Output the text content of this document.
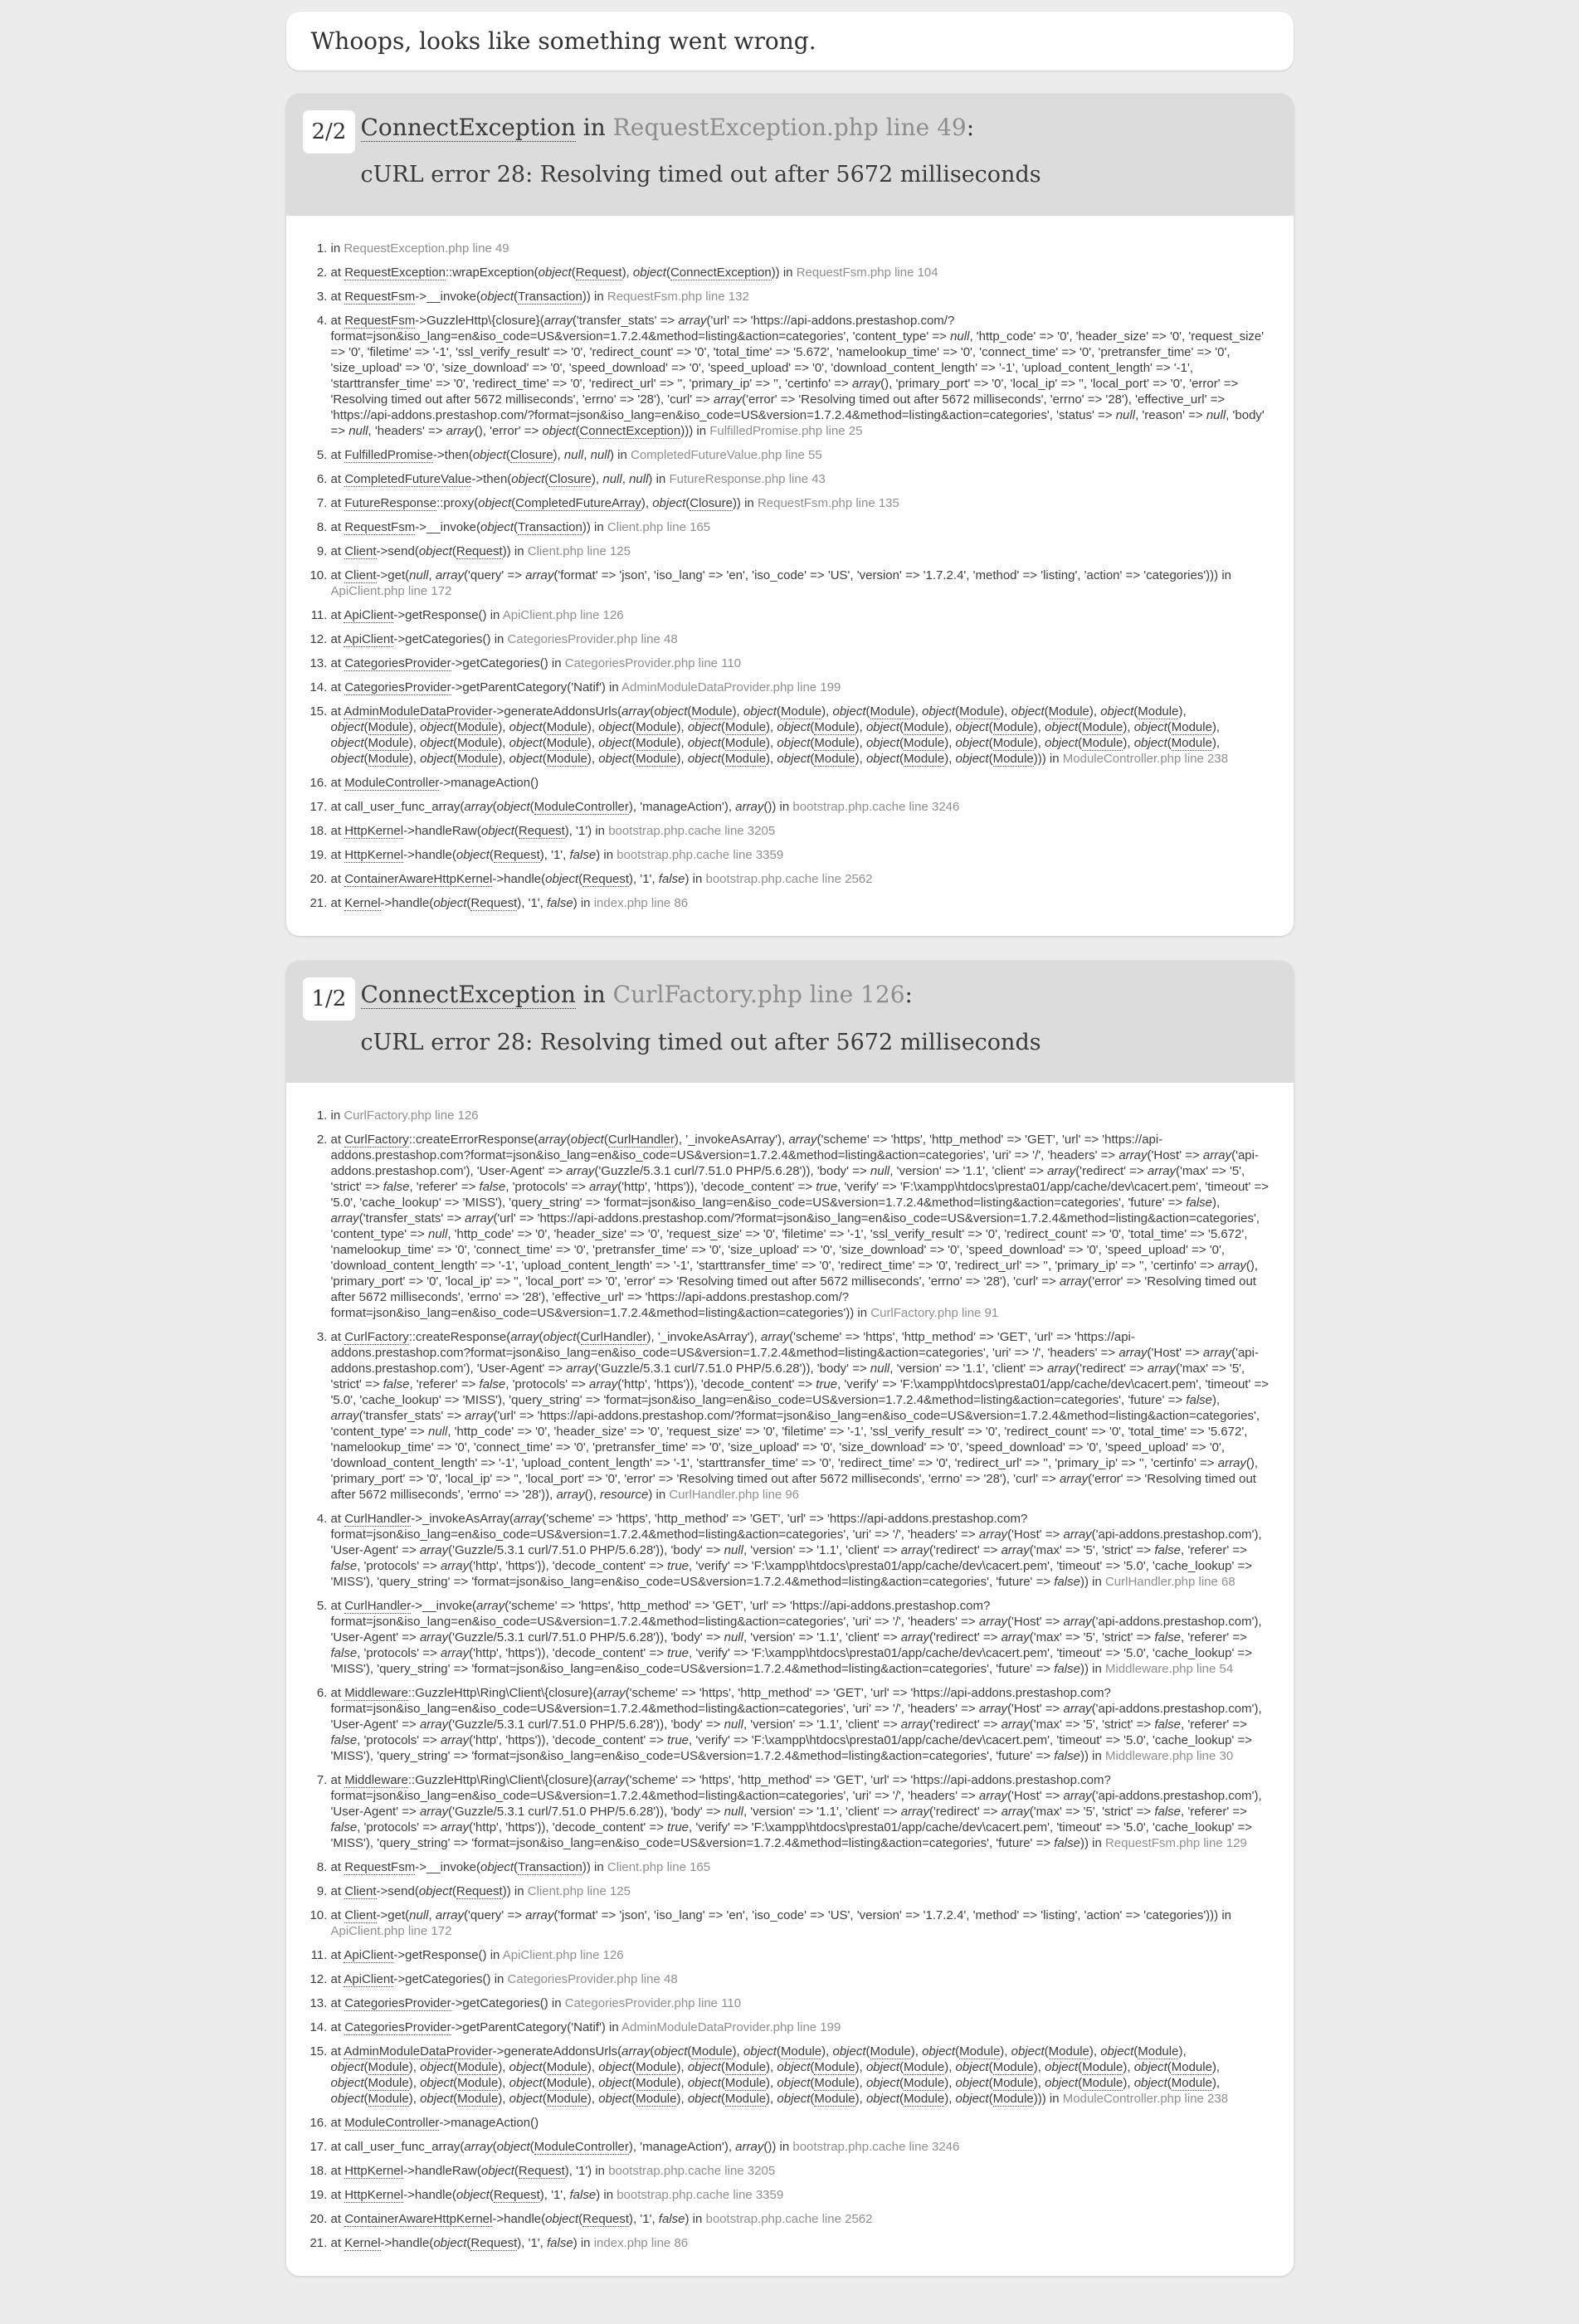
Whoops, looks like something went wrong.
2/2 ConnectException in RequestException.php line 49:
cURL error 28: Resolving timed out after 5672 milliseconds
1. in RequestException.php line 49
2. at RequestException::wrapException(object(Request), object(ConnectException)) in RequestFsm.php line 104
3. at RequestFsm->__invoke(object(Transaction)) in RequestFsm.php line 132
4. at RequestFsm->GuzzleHttp\{closure}(array('transfer_stats' => array('url' => 'https://api-addons.prestashop.com/?format=json&iso_lang=en&iso_code=US&version=1.7.2.4&method=listing&action=categories', 'content_type' => null, 'http_code' => '0', 'header_size' => '0', 'request_size' => '0', 'filetime' => '-1', 'ssl_verify_result' => '0', 'redirect_count' => '0', 'total_time' => '5.672', 'namelookup_time' => '0', 'connect_time' => '0', 'pretransfer_time' => '0', 'size_upload' => '0', 'size_download' => '0', 'speed_download' => '0', 'speed_upload' => '0', 'download_content_length' => '-1', 'upload_content_length' => '-1', 'starttransfer_time' => '0', 'redirect_time' => '0', 'redirect_url' => '', 'primary_ip' => '', 'certinfo' => array(), 'primary_port' => '0', 'local_ip' => '', 'local_port' => '0', 'error' => 'Resolving timed out after 5672 milliseconds', 'errno' => '28'), 'curl' => array('error' => 'Resolving timed out after 5672 milliseconds', 'errno' => '28'), 'effective_url' => 'https://api-addons.prestashop.com/?format=json&iso_lang=en&iso_code=US&version=1.7.2.4&method=listing&action=categories', 'status' => null, 'reason' => null, 'body' => null, 'headers' => array(), 'error' => object(ConnectException))) in FulfilledPromise.php line 25
5. at FulfilledPromise->then(object(Closure), null, null) in CompletedFutureValue.php line 55
6. at CompletedFutureValue->then(object(Closure), null, null) in FutureResponse.php line 43
7. at FutureResponse::proxy(object(CompletedFutureArray), object(Closure)) in RequestFsm.php line 135
8. at RequestFsm->__invoke(object(Transaction)) in Client.php line 165
9. at Client->send(object(Request)) in Client.php line 125
10. at Client->get(null, array('query' => array('format' => 'json', 'iso_lang' => 'en', 'iso_code' => 'US', 'version' => '1.7.2.4', 'method' => 'listing', 'action' => 'categories'))) in ApiClient.php line 172
11. at ApiClient->getResponse() in ApiClient.php line 126
12. at ApiClient->getCategories() in CategoriesProvider.php line 48
13. at CategoriesProvider->getCategories() in CategoriesProvider.php line 110
14. at CategoriesProvider->getParentCategory('Natif') in AdminModuleDataProvider.php line 199
15. at AdminModuleDataProvider->generateAddonsUrls(array(object(Module), object(Module), object(Module), object(Module), object(Module), object(Module), object(Module), object(Module), object(Module), object(Module), object(Module), object(Module), object(Module), object(Module), object(Module), object(Module), object(Module), object(Module), object(Module), object(Module), object(Module), object(Module), object(Module), object(Module), object(Module), object(Module), object(Module), object(Module), object(Module), object(Module), object(Module), object(Module), object(Module), object(Module))) in ModuleController.php line 238
16. at ModuleController->manageAction()
17. at call_user_func_array(array(object(ModuleController), 'manageAction'), array()) in bootstrap.php.cache line 3246
18. at HttpKernel->handleRaw(object(Request), '1') in bootstrap.php.cache line 3205
19. at HttpKernel->handle(object(Request), '1', false) in bootstrap.php.cache line 3359
20. at ContainerAwareHttpKernel->handle(object(Request), '1', false) in bootstrap.php.cache line 2562
21. at Kernel->handle(object(Request), '1', false) in index.php line 86
1/2 ConnectException in CurlFactory.php line 126:
cURL error 28: Resolving timed out after 5672 milliseconds
1. in CurlFactory.php line 126
2. at CurlFactory::createErrorResponse(array(object(CurlHandler), '_invokeAsArray'), array('scheme' => 'https', 'http_method' => 'GET', 'url' => 'https://api-addons.prestashop.com?format=json&iso_lang=en&iso_code=US&version=1.7.2.4&method=listing&action=categories', 'uri' => '/', 'headers' => array('Host' => array('api-addons.prestashop.com'), 'User-Agent' => array('Guzzle/5.3.1 curl/7.51.0 PHP/5.6.28')), 'body' => null, 'version' => '1.1', 'client' => array('redirect' => array('max' => '5', 'strict' => false, 'referer' => false, 'protocols' => array('http', 'https')), 'decode_content' => true, 'verify' => 'F:\xampp\htdocs\presta01/app/cache/dev\cacert.pem', 'timeout' => '5.0', 'cache_lookup' => 'MISS'), 'query_string' => 'format=json&iso_lang=en&iso_code=US&version=1.7.2.4&method=listing&action=categories', 'future' => false), array('transfer_stats' => array('url' => 'https://api-addons.prestashop.com/?format=json&iso_lang=en&iso_code=US&version=1.7.2.4&method=listing&action=categories', 'content_type' => null, 'http_code' => '0', 'header_size' => '0', 'request_size' => '0', 'filetime' => '-1', 'ssl_verify_result' => '0', 'redirect_count' => '0', 'total_time' => '5.672', 'namelookup_time' => '0', 'connect_time' => '0', 'pretransfer_time' => '0', 'size_upload' => '0', 'size_download' => '0', 'speed_download' => '0', 'speed_upload' => '0', 'download_content_length' => '-1', 'upload_content_length' => '-1', 'starttransfer_time' => '0', 'redirect_time' => '0', 'redirect_url' => '', 'primary_ip' => '', 'certinfo' => array(), 'primary_port' => '0', 'local_ip' => '', 'local_port' => '0', 'error' => 'Resolving timed out after 5672 milliseconds', 'errno' => '28'), 'curl' => array('error' => 'Resolving timed out after 5672 milliseconds', 'errno' => '28'), 'effective_url' => 'https://api-addons.prestashop.com/?format=json&iso_lang=en&iso_code=US&version=1.7.2.4&method=listing&action=categories')) in CurlFactory.php line 91
3. at CurlFactory::createResponse(array(object(CurlHandler), '_invokeAsArray'), array('scheme' => 'https', 'http_method' => 'GET', 'url' => 'https://api-addons.prestashop.com?format=json&iso_lang=en&iso_code=US&version=1.7.2.4&method=listing&action=categories', 'uri' => '/', 'headers' => array('Host' => array('api-addons.prestashop.com'), 'User-Agent' => array('Guzzle/5.3.1 curl/7.51.0 PHP/5.6.28')), 'body' => null, 'version' => '1.1', 'client' => array('redirect' => array('max' => '5', 'strict' => false, 'referer' => false, 'protocols' => array('http', 'https')), 'decode_content' => true, 'verify' => 'F:\xampp\htdocs\presta01/app/cache/dev\cacert.pem', 'timeout' => '5.0', 'cache_lookup' => 'MISS'), 'query_string' => 'format=json&iso_lang=en&iso_code=US&version=1.7.2.4&method=listing&action=categories', 'future' => false), array('transfer_stats' => array('url' => 'https://api-addons.prestashop.com/?format=json&iso_lang=en&iso_code=US&version=1.7.2.4&method=listing&action=categories', 'content_type' => null, 'http_code' => '0', 'header_size' => '0', 'request_size' => '0', 'filetime' => '-1', 'ssl_verify_result' => '0', 'redirect_count' => '0', 'total_time' => '5.672', 'namelookup_time' => '0', 'connect_time' => '0', 'pretransfer_time' => '0', 'size_upload' => '0', 'size_download' => '0', 'speed_download' => '0', 'speed_upload' => '0', 'download_content_length' => '-1', 'upload_content_length' => '-1', 'starttransfer_time' => '0', 'redirect_time' => '0', 'redirect_url' => '', 'primary_ip' => '', 'certinfo' => array(), 'primary_port' => '0', 'local_ip' => '', 'local_port' => '0', 'error' => 'Resolving timed out after 5672 milliseconds', 'errno' => '28'), 'curl' => array('error' => 'Resolving timed out after 5672 milliseconds', 'errno' => '28')), array(), resource) in CurlHandler.php line 96
4. at CurlHandler->_invokeAsArray(array('scheme' => 'https', 'http_method' => 'GET', 'url' => 'https://api-addons.prestashop.com?format=json&iso_lang=en&iso_code=US&version=1.7.2.4&method=listing&action=categories', 'uri' => '/', 'headers' => array('Host' => array('api-addons.prestashop.com'), 'User-Agent' => array('Guzzle/5.3.1 curl/7.51.0 PHP/5.6.28')), 'body' => null, 'version' => '1.1', 'client' => array('redirect' => array('max' => '5', 'strict' => false, 'referer' => false, 'protocols' => array('http', 'https')), 'decode_content' => true, 'verify' => 'F:\xampp\htdocs\presta01/app/cache/dev\cacert.pem', 'timeout' => '5.0', 'cache_lookup' => 'MISS'), 'query_string' => 'format=json&iso_lang=en&iso_code=US&version=1.7.2.4&method=listing&action=categories', 'future' => false)) in CurlHandler.php line 68
5. at CurlHandler->__invoke(array('scheme' => 'https', 'http_method' => 'GET', 'url' => 'https://api-addons.prestashop.com?format=json&iso_lang=en&iso_code=US&version=1.7.2.4&method=listing&action=categories', 'uri' => '/', 'headers' => array('Host' => array('api-addons.prestashop.com'), 'User-Agent' => array('Guzzle/5.3.1 curl/7.51.0 PHP/5.6.28')), 'body' => null, 'version' => '1.1', 'client' => array('redirect' => array('max' => '5', 'strict' => false, 'referer' => false, 'protocols' => array('http', 'https')), 'decode_content' => true, 'verify' => 'F:\xampp\htdocs\presta01/app/cache/dev\cacert.pem', 'timeout' => '5.0', 'cache_lookup' => 'MISS'), 'query_string' => 'format=json&iso_lang=en&iso_code=US&version=1.7.2.4&method=listing&action=categories', 'future' => false)) in Middleware.php line 54
6. at Middleware::GuzzleHttp\Ring\Client\{closure}(array('scheme' => 'https', 'http_method' => 'GET', 'url' => 'https://api-addons.prestashop.com?format=json&iso_lang=en&iso_code=US&version=1.7.2.4&method=listing&action=categories', 'uri' => '/', 'headers' => array('Host' => array('api-addons.prestashop.com'), 'User-Agent' => array('Guzzle/5.3.1 curl/7.51.0 PHP/5.6.28')), 'body' => null, 'version' => '1.1', 'client' => array('redirect' => array('max' => '5', 'strict' => false, 'referer' => false, 'protocols' => array('http', 'https')), 'decode_content' => true, 'verify' => 'F:\xampp\htdocs\presta01/app/cache/dev\cacert.pem', 'timeout' => '5.0', 'cache_lookup' => 'MISS'), 'query_string' => 'format=json&iso_lang=en&iso_code=US&version=1.7.2.4&method=listing&action=categories', 'future' => false)) in Middleware.php line 30
7. at Middleware::GuzzleHttp\Ring\Client\{closure}(array('scheme' => 'https', 'http_method' => 'GET', 'url' => 'https://api-addons.prestashop.com?format=json&iso_lang=en&iso_code=US&version=1.7.2.4&method=listing&action=categories', 'uri' => '/', 'headers' => array('Host' => array('api-addons.prestashop.com'), 'User-Agent' => array('Guzzle/5.3.1 curl/7.51.0 PHP/5.6.28')), 'body' => null, 'version' => '1.1', 'client' => array('redirect' => array('max' => '5', 'strict' => false, 'referer' => false, 'protocols' => array('http', 'https')), 'decode_content' => true, 'verify' => 'F:\xampp\htdocs\presta01/app/cache/dev\cacert.pem', 'timeout' => '5.0', 'cache_lookup' => 'MISS'), 'query_string' => 'format=json&iso_lang=en&iso_code=US&version=1.7.2.4&method=listing&action=categories', 'future' => false)) in RequestFsm.php line 129
8. at RequestFsm->__invoke(object(Transaction)) in Client.php line 165
9. at Client->send(object(Request)) in Client.php line 125
10. at Client->get(null, array('query' => array('format' => 'json', 'iso_lang' => 'en', 'iso_code' => 'US', 'version' => '1.7.2.4', 'method' => 'listing', 'action' => 'categories'))) in ApiClient.php line 172
11. at ApiClient->getResponse() in ApiClient.php line 126
12. at ApiClient->getCategories() in CategoriesProvider.php line 48
13. at CategoriesProvider->getCategories() in CategoriesProvider.php line 110
14. at CategoriesProvider->getParentCategory('Natif') in AdminModuleDataProvider.php line 199
15. at AdminModuleDataProvider->generateAddonsUrls(array(object(Module), object(Module), object(Module), object(Module), object(Module), object(Module), object(Module), object(Module), object(Module), object(Module), object(Module), object(Module), object(Module), object(Module), object(Module), object(Module), object(Module), object(Module), object(Module), object(Module), object(Module), object(Module), object(Module), object(Module), object(Module), object(Module), object(Module), object(Module), object(Module), object(Module), object(Module), object(Module), object(Module), object(Module))) in ModuleController.php line 238
16. at ModuleController->manageAction()
17. at call_user_func_array(array(object(ModuleController), 'manageAction'), array()) in bootstrap.php.cache line 3246
18. at HttpKernel->handleRaw(object(Request), '1') in bootstrap.php.cache line 3205
19. at HttpKernel->handle(object(Request), '1', false) in bootstrap.php.cache line 3359
20. at ContainerAwareHttpKernel->handle(object(Request), '1', false) in bootstrap.php.cache line 2562
21. at Kernel->handle(object(Request), '1', false) in index.php line 86
